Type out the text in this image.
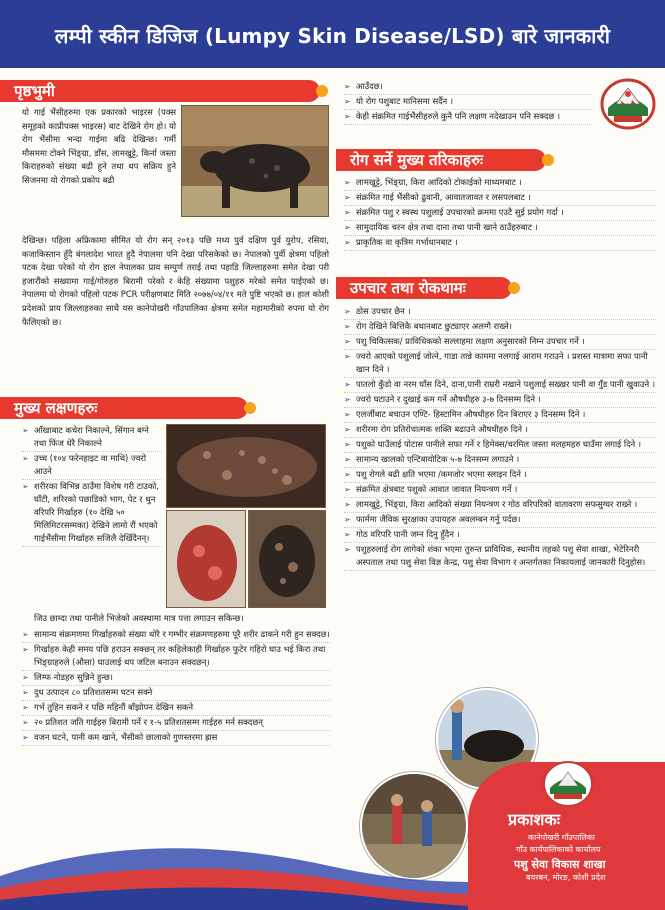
लम्पी स्कीन डिजिज (Lumpy Skin Disease/LSD) बारे जानकारी
पृष्ठभुमी
यो गाई भैंसीहरुमा एक प्रकारको भाइरस (पक्स समूहको काप्रीपक्स भाइरस) बाट देखिने रोग हो। यो रोग भैंसीमा भन्दा गाईमा बढि देखिन्छ। गर्मी मौसममा टोक्ने भिंङ्ग्रा, डाँस, लामखुट्टे, किर्ना जस्ता किराहरुको संख्या बढी हुने तथा थप सक्रिय हुने सिजनमा यो रोगको प्रकोप बढी
देखिन्छ। पहिला अफ्रिकामा सीमित यो रोग सन् २०१३ पछि मध्य पुर्व दक्षिण पुर्व युरोप, रसिया, कजाकिस्तान हुँदै बंगलादेश भारत हुदै नेपालमा पनि देखा परिसकेको छ। नेपालको पुर्वी क्षेत्रमा पहिलो पटक देखा परेको यो रोग हाल नेपालका प्राय सम्पुर्ण तराई तथा पहाडि जिल्लाहरुमा समेत देखा परी हजारौंको सख्यामा गाई/गोरुहरु बिरामी परेको र केहि संख्यामा पशुहरु मरेको समेत पाईएको छ। नेपालमा यो रोगको पहिलो पटक PCR परीक्षणबाट मिति २०७७/०४/११ मते पुष्टि भएको छ। हाल कोशी प्रदेशको प्राय जिल्लाहरुका साथै यस कानेपोखरी गाँउपालिका क्षेत्रमा समेत महामारीको रुपमा यो रोग फैलिएको छ।
मुख्य लक्षणहरुः
➢ आँखाबाट कचेरा निकाल्ने, सिंगान बग्ने तथा फिंज धेरै निकाल्ने
➢ उच्च (१०४ फरेनहाइट वा माथि) ज्वरो आउने
➢ शरीरका विभिन्न ठाउँमा विशेष गरी टाउको, घाँटी, शरिरको पछाडिको भाग, पेट र थुन वरिपरि गिर्खाहरु (१० देखि ५० मिलिमिटरसम्मका) देखिने लामो रौं भएको गाईभैंसीमा गिर्खाहरु सजिलै देखिँदैनन्।
जिउ छाम्दा तथा पानीले भिजेको अवस्थामा मात्र पत्ता लगाउन सकिन्छ।
➢ सामान्य संक्रमणमा गिर्खाहरुको संख्या थोरै र गम्भीर संक्रमणहरुमा पूरै शरीर ढाकने गरी हुन सक्दछ।
➢ गिर्खाहरु केही समय पछि हराउन सक्छन् तर कहिलेकाही गिर्खाहरु फुटेर गहिरो घाउ भई किरा तथा भिंङ्ग्राहरुले (औसा) घाउलाई थप जटिल बनाउन सक्दछन्।
➢ लिम्फ नोडहरु सुन्निने हुन्छ।
➢ दुध उत्पादन ८० प्रतिशतसम्म घटन सक्ने
➢ गर्भ तुहिन सकने र पछि महिनौं बाँझोपन देखिन सकने
➢ २० प्रतिशत जति गाईहरु बिरामी पर्ने र १-५ प्रतिशतसम्म गाईहरु मर्न सक्दछन्
➢ वजन घटने, पानी कम खाने, भैंसीको छालाको गुणस्तरमा ह्रास
➢ आउँदछ।
➢ यो रोग पशुबाट मानिसमा सर्दैन ।
➢ केही संक्रमित गाईभैंसीहरुले कुनै पनि लक्षण नदेखाउन पनि सक्दछ ।
रोग सर्ने मुख्य तरिकाहरुः
➢ लामखुट्टे, भिंङ्ग्रा, किरा आदिको टोकाईको माध्यमबाट ।
➢ संक्रमित गाई भैंसीको ढुवानी, आवातजावत र लसपलबाट ।
➢ संक्रमित पशु र स्वस्थ पशुलाई उपचारको क्रममा एउटै सुई प्रयोग गर्दा ।
➢ सामुदायिक चरन क्षेत्र तथा दाना तथा पानी खाने ठाउँहरुबाट ।
➢ प्राकृतिक वा कृत्रिम गर्भाधानबाट ।
उपचार तथा रोकथामः
➢ ठोस उपचार छैन ।
➢ रोग देखिने बित्तिकै बथानबाट छुट्याएर अलग्गै राख्ने।
➢ पशु चिकित्सक/ प्राविधिकको सल्लाहमा लक्षण अनुसारको निम्न उपचार गर्ने ।
➢ ज्वरो आएको पशुलाई जोत्ने, गाडा तान्ने काममा नलगाई आराम गराउने । प्रशस्त मात्रामा सफा पानी खान दिने ।
➢ पातलो कुँडो वा नरम घाँस दिने, दाना,पानी राम्ररी नखाने पशुलाई सख्खर पानी वा गुँड पानी खुवाउने ।
➢ ज्वरो घटाउने र दुखाई कम गर्ने औषधीहरु ३-७ दिनसम्म दिने ।
➢ एलर्जीबाट बचाउन एण्टि- हिस्टामिन औषधीहरु दिन बिराएर ३ दिनसम्म दिने ।
➢ शरीरमा रोग प्रतिरोधात्मक शक्ति बढाउने औषधीहरु दिने ।
➢ पशुको घाउँलाई पोटास पानीले सफा गर्ने र हिमेक्स/चरमिल जस्ता मलहमहरु घाउँमा लगाई दिने ।
➢ सामान्य खालको एन्टिबायोटिक ५-७ दिनसम्म लगाउने ।
➢ पशु रोगले बढी क्षति भएमा /कमजोर भएमा स्लाइन दिने ।
➢ संक्रमित क्षेत्रबाट पशुको आवात जावात नियन्त्रण गर्ने ।
➢ लामखुट्टे, भिंङ्ग्रा, किरा आदिको संख्या नियन्त्रण र गोठ वरिपरिको वातावरण सफसुग्घर राख्ने ।
➢ फार्ममा जैविक सुरक्षाका उपायहरु अवलम्बन गर्नु पर्दछ।
➢ गोठ वरिपरि पानी जम्न दिनु हुँदैन ।
➢ पशुहरुलाई रोग लागेको शंका भएमा तुरुन्त प्राविधिक, स्थानीय तहको पशु सेवा शाखा, भेटेरिनरी अस्पताल तथा पशु सेवा विज्ञ केन्द्र, पशु सेवा विभाग र अन्तर्गतका निकायलाई जानकारी दिनुहोस।
प्रकाशकः
कानेपोखरी गाँउपालिका
गाँउ कार्यपालिकाको कार्यालय
पशु सेवा विकास शाखा
बयरबन, मोरङ, कोशी प्रदेश
